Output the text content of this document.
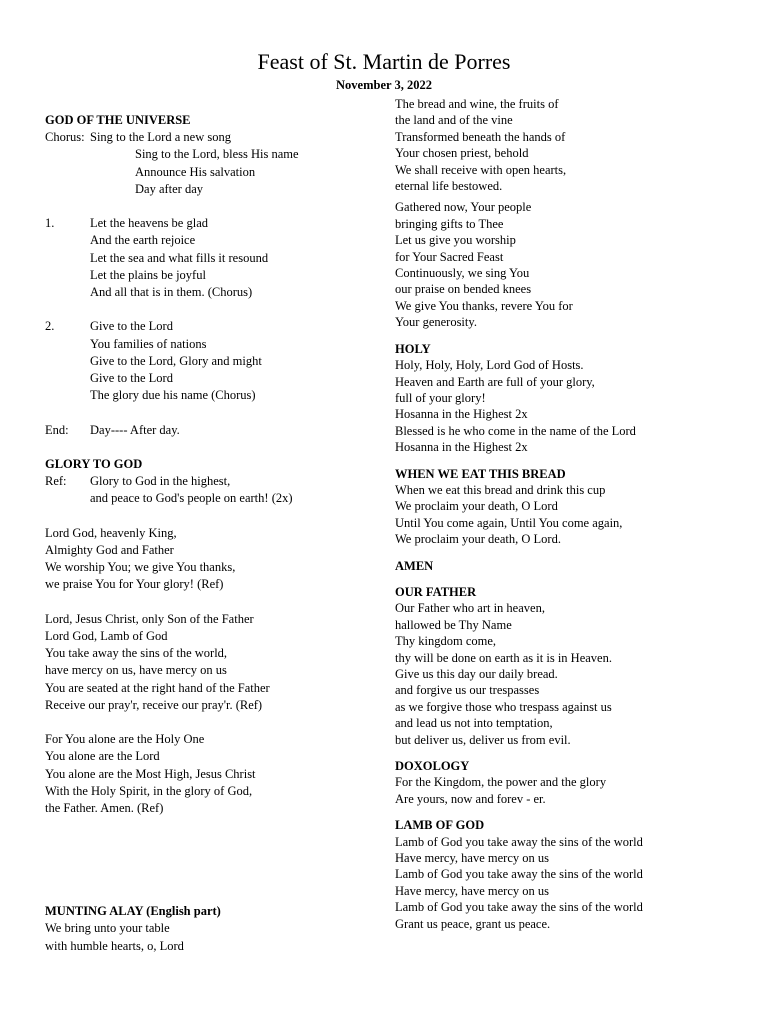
Feast of St. Martin de Porres
November 3, 2022
GOD OF THE UNIVERSE
Chorus: Sing to the Lord a new song
Sing to the Lord, bless His name
Announce His salvation
Day after day
1.	Let the heavens be glad
And the earth rejoice
Let the sea and what fills it resound
Let the plains be joyful
And all that is in them. (Chorus)
2.	Give to the Lord
You families of nations
Give to the Lord, Glory and might
Give to the Lord
The glory due his name (Chorus)
End:	Day---- After day.
GLORY TO GOD
Ref:	Glory to God in the highest,
and peace to God's people on earth! (2x)
Lord God, heavenly King,
Almighty God and Father
We worship You; we give You thanks,
we praise You for Your glory! (Ref)
Lord, Jesus Christ, only Son of the Father
Lord God, Lamb of God
You take away the sins of the world,
have mercy on us, have mercy on us
You are seated at the right hand of the Father
Receive our pray'r, receive our pray'r. (Ref)
For You alone are the Holy One
You alone are the Lord
You alone are the Most High, Jesus Christ
With the Holy Spirit, in the glory of God,
the Father. Amen. (Ref)
MUNTING ALAY (English part)
We bring unto your table
with humble hearts, o, Lord
The bread and wine, the fruits of
the land and of the vine
Transformed beneath the hands of
Your chosen priest, behold
We shall receive with open hearts,
eternal life bestowed.
Gathered now, Your people
bringing gifts to Thee
Let us give you worship
for Your Sacred Feast
Continuously, we sing You
our praise on bended knees
We give You thanks, revere You for
Your generosity.
HOLY
Holy, Holy, Holy, Lord God of Hosts.
Heaven and Earth are full of your glory,
full of your glory!
Hosanna in the Highest 2x
Blessed is he who come in the name of the Lord
Hosanna in the Highest 2x
WHEN WE EAT THIS BREAD
When we eat this bread and drink this cup
We proclaim your death, O Lord
Until You come again, Until You come again,
We proclaim your death, O Lord.
AMEN
OUR FATHER
Our Father who art in heaven,
hallowed be Thy Name
Thy kingdom come,
thy will be done on earth as it is in Heaven.
Give us this day our daily bread.
and forgive us our trespasses
as we forgive those who trespass against us
and lead us not into temptation,
but deliver us, deliver us from evil.
DOXOLOGY
For the Kingdom, the power and the glory
Are yours, now and forev - er.
LAMB OF GOD
Lamb of God you take away the sins of the world
Have mercy, have mercy on us
Lamb of God you take away the sins of the world
Have mercy, have mercy on us
Lamb of God you take away the sins of the world
Grant us peace, grant us peace.
